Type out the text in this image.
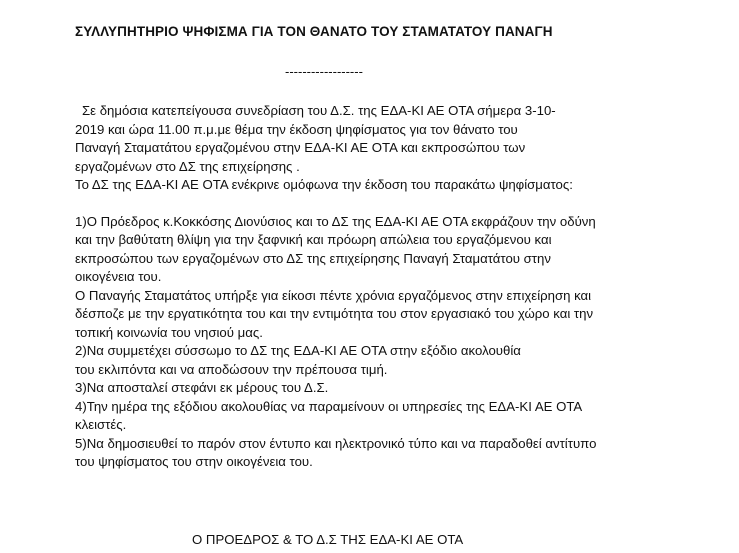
ΣΥΛΛΥΠΗΤΗΡΙΟ ΨΗΦΙΣΜΑ ΓΙΑ ΤΟΝ ΘΑΝΑΤΟ ΤΟΥ ΣΤΑΜΑΤΑΤΟΥ ΠΑΝΑΓΗ
------------------

Σε δημόσια κατεπείγουσα συνεδρίαση του Δ.Σ. της ΕΔΑ-ΚΙ ΑΕ ΟΤΑ σήμερα 3-10-

2019 και ώρα 11.00 π.μ.με θέμα την έκδοση ψηφίσματος για τον θάνατο του

Παναγή Σταματάτου εργαζομένου στην ΕΔΑ-ΚΙ ΑΕ ΟΤΑ και εκπροσώπου των

εργαζομένων στο ΔΣ της επιχείρησης .

Το ΔΣ της ΕΔΑ-ΚΙ ΑΕ ΟΤΑ ενέκρινε ομόφωνα την έκδοση του παρακάτω ψηφίσματος:

1)Ο Πρόεδρος κ.Κοκκόσης Διονύσιος και το ΔΣ της ΕΔΑ-ΚΙ ΑΕ ΟΤΑ εκφράζουν την οδύνη

και την βαθύτατη θλίψη για την ξαφνική και πρόωρη απώλεια του εργαζόμενου και

εκπροσώπου των εργαζομένων στο ΔΣ της επιχείρησης Παναγή Σταματάτου στην

οικογένεια του.

Ο Παναγής Σταματάτος υπήρξε για είκοσι πέντε χρόνια εργαζόμενος στην επιχείρηση και

δέσποζε με την εργατικότητα του και την εντιμότητα του στον εργασιακό του χώρο και την

τοπική κοινωνία του νησιού μας.

2)Να συμμετέχει σύσσωμο το ΔΣ της ΕΔΑ-ΚΙ ΑΕ ΟΤΑ στην εξόδιο ακολουθία

του εκλιπόντα και να αποδώσουν την πρέπουσα τιμή.

3)Να αποσταλεί στεφάνι εκ μέρους του Δ.Σ.

4)Την ημέρα της εξόδιου ακολουθίας να παραμείνουν οι υπηρεσίες της ΕΔΑ-ΚΙ ΑΕ ΟΤΑ

κλειστές.

5)Να δημοσιευθεί το παρόν στον έντυπο και ηλεκτρονικό τύπο και να παραδοθεί αντίτυπο

του ψηφίσματος του στην οικογένεια του.

Ο ΠΡΟΕΔΡΟΣ & ΤΟ Δ.Σ ΤΗΣ ΕΔΑ-ΚΙ ΑΕ ΟΤΑ
